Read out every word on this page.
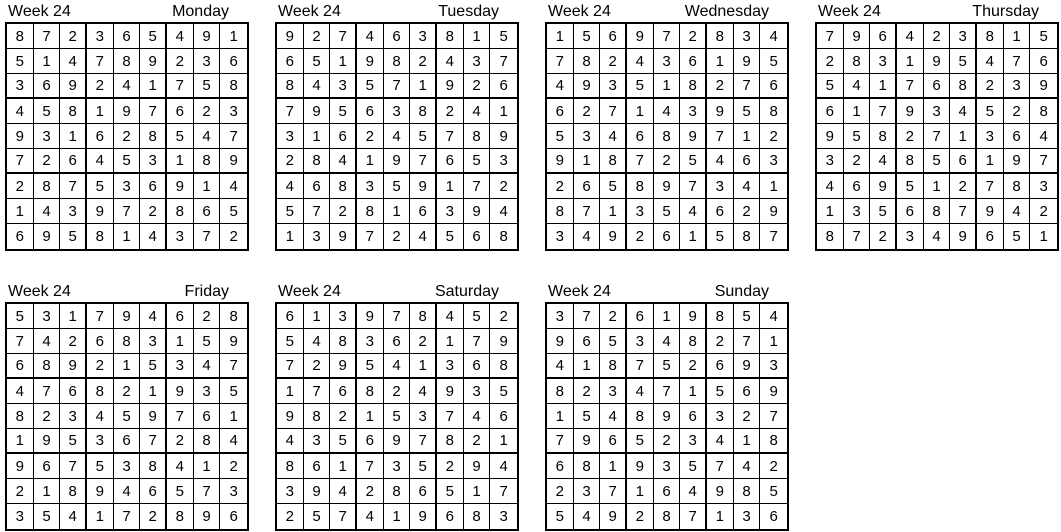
Week 24	Monday
8	7	2	3	6	5	4	9	1
5	1	4	7	8	9	2	3	6
3	6	9	2	4	1	7	5	8
4	5	8	1	9	7	6	2	3
9	3	1	6	2	8	5	4	7
7	2	6	4	5	3	1	8	9
2	8	7	5	3	6	9	1	4
1	4	3	9	7	2	8	6	5
6	9	5	8	1	4	3	7	2
Week 24	Tuesday
9	2	7	4	6	3	8	1	5
6	5	1	9	8	2	4	3	7
8	4	3	5	7	1	9	2	6
7	9	5	6	3	8	2	4	1
3	1	6	2	4	5	7	8	9
2	8	4	1	9	7	6	5	3
4	6	8	3	5	9	1	7	2
5	7	2	8	1	6	3	9	4
1	3	9	7	2	4	5	6	8
Week 24	Wednesday
1	5	6	9	7	2	8	3	4
7	8	2	4	3	6	1	9	5
4	9	3	5	1	8	2	7	6
6	2	7	1	4	3	9	5	8
5	3	4	6	8	9	7	1	2
9	1	8	7	2	5	4	6	3
2	6	5	8	9	7	3	4	1
8	7	1	3	5	4	6	2	9
3	4	9	2	6	1	5	8	7
Week 24	Thursday
7	9	6	4	2	3	8	1	5
2	8	3	1	9	5	4	7	6
5	4	1	7	6	8	2	3	9
6	1	7	9	3	4	5	2	8
9	5	8	2	7	1	3	6	4
3	2	4	8	5	6	1	9	7
4	6	9	5	1	2	7	8	3
1	3	5	6	8	7	9	4	2
8	7	2	3	4	9	6	5	1
Week 24	Friday
5	3	1	7	9	4	6	2	8
7	4	2	6	8	3	1	5	9
6	8	9	2	1	5	3	4	7
4	7	6	8	2	1	9	3	5
8	2	3	4	5	9	7	6	1
1	9	5	3	6	7	2	8	4
9	6	7	5	3	8	4	1	2
2	1	8	9	4	6	5	7	3
3	5	4	1	7	2	8	9	6
Week 24	Saturday
6	1	3	9	7	8	4	5	2
5	4	8	3	6	2	1	7	9
7	2	9	5	4	1	3	6	8
1	7	6	8	2	4	9	3	5
9	8	2	1	5	3	7	4	6
4	3	5	6	9	7	8	2	1
8	6	1	7	3	5	2	9	4
3	9	4	2	8	6	5	1	7
2	5	7	4	1	9	6	8	3
Week 24	Sunday
3	7	2	6	1	9	8	5	4
9	6	5	3	4	8	2	7	1
4	1	8	7	5	2	6	9	3
8	2	3	4	7	1	5	6	9
1	5	4	8	9	6	3	2	7
7	9	6	5	2	3	4	1	8
6	8	1	9	3	5	7	4	2
2	3	7	1	6	4	9	8	5
5	4	9	2	8	7	1	3	6
